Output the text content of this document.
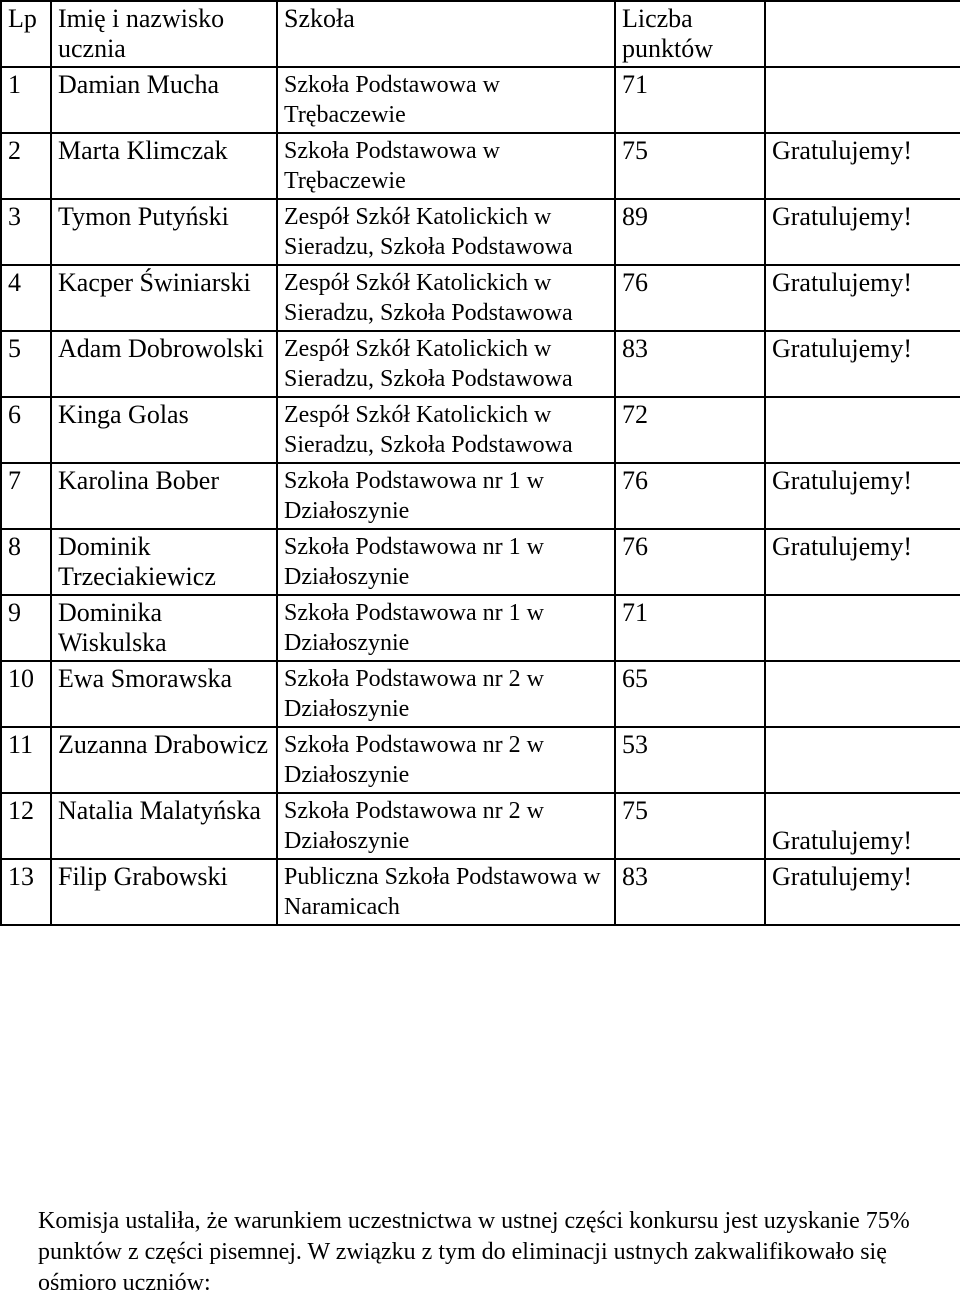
Lp	Imię i nazwisko ucznia	Szkoła	Liczba punktów	
1	Damian Mucha	Szkoła Podstawowa w Trębaczewie	71	
2	Marta Klimczak	Szkoła Podstawowa w Trębaczewie	75	Gratulujemy!
3	Tymon Putyński	Zespół Szkół Katolickich w Sieradzu, Szkoła Podstawowa	89	Gratulujemy!
4	Kacper Świniarski	Zespół Szkół Katolickich w Sieradzu, Szkoła Podstawowa	76	Gratulujemy!
5	Adam Dobrowolski	Zespół Szkół Katolickich w Sieradzu, Szkoła Podstawowa	83	Gratulujemy!
6	Kinga Golas	Zespół Szkół Katolickich w Sieradzu, Szkoła Podstawowa	72	
7	Karolina Bober	Szkoła Podstawowa nr 1 w Działoszynie	76	Gratulujemy!
8	Dominik Trzeciakiewicz	Szkoła Podstawowa nr 1 w Działoszynie	76	Gratulujemy!
9	Dominika Wiskulska	Szkoła Podstawowa nr 1 w Działoszynie	71	
10	Ewa Smorawska	Szkoła Podstawowa nr 2 w Działoszynie	65	
11	Zuzanna Drabowicz	Szkoła Podstawowa nr 2 w Działoszynie	53	
12	Natalia Malatyńska	Szkoła Podstawowa nr 2 w Działoszynie	75	Gratulujemy!
13	Filip Grabowski	Publiczna Szkoła Podstawowa w Naramicach	83	Gratulujemy!
Komisja ustaliła, że warunkiem uczestnictwa w ustnej części konkursu jest uzyskanie 75% punktów z części pisemnej. W związku z tym do eliminacji ustnych zakwalifikowało się ośmioro uczniów:
